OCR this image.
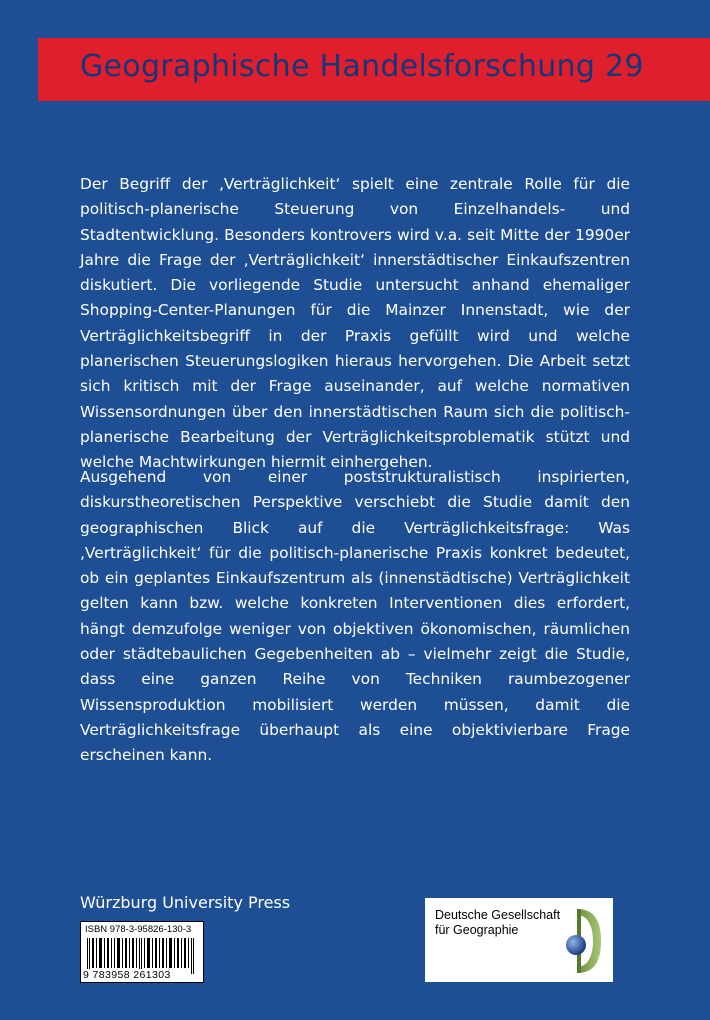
Geographische Handelsforschung 29

Der Begriff der ‚Verträglichkeit‘ spielt eine zentrale Rolle für die politisch-planerische Steuerung von Einzelhandels- und Stadtentwicklung. Besonders kontrovers wird v.a. seit Mitte der 1990er Jahre die Frage der ‚Verträglichkeit‘ innerstädtischer Einkaufszentren diskutiert. Die vorliegende Studie untersucht anhand ehemaliger Shopping-Center-Planungen für die Mainzer Innenstadt, wie der Verträglichkeitsbegriff in der Praxis gefüllt wird und welche planerischen Steuerungslogiken hieraus hervorgehen. Die Arbeit setzt sich kritisch mit der Frage auseinander, auf welche normativen Wissensordnungen über den innerstädtischen Raum sich die politisch-planerische Bearbeitung der Verträglichkeitsproblematik stützt und welche Machtwirkungen hiermit einhergehen.

Ausgehend von einer poststrukturalistisch inspirierten, diskurstheoretischen Perspektive verschiebt die Studie damit den geographischen Blick auf die Verträglichkeitsfrage: Was ‚Verträglichkeit‘ für die politisch-planerische Praxis konkret bedeutet, ob ein geplantes Einkaufszentrum als (innenstädtische) Verträglichkeit gelten kann bzw. welche konkreten Interventionen dies erfordert, hängt demzufolge weniger von objektiven ökonomischen, räumlichen oder städtebaulichen Gegebenheiten ab – vielmehr zeigt die Studie, dass eine ganzen Reihe von Techniken raumbezogener Wissensproduktion mobilisiert werden müssen, damit die Verträglichkeitsfrage überhaupt als eine objektivierbare Frage erscheinen kann.

Würzburg University Press
ISBN 978-3-95826-130-3
9 783958 261303
Deutsche Gesellschaft
für Geographie
